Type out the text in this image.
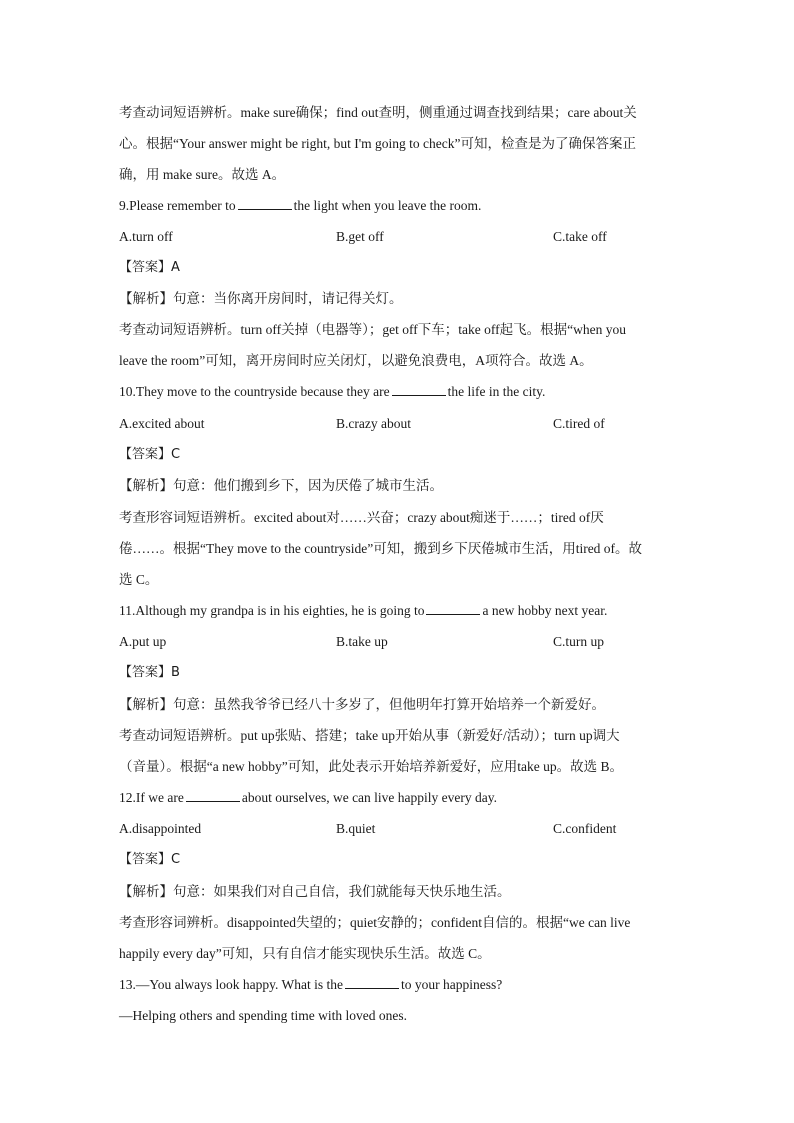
考查动词短语辨析。make sure确保；find out查明，侧重通过调查找到结果；care about关
心。根据“Your answer might be right, but I'm going to check”可知，检查是为了确保答案正
确，用 make sure。故选 A。
9.Please remember to	the light when you leave the room.
A.turn off	B.get off	C.take off
【答案】A
【解析】句意：当你离开房间时，请记得关灯。
考查动词短语辨析。turn off关掉（电器等）；get off下车；take off起飞。根据“when you
leave the room”可知，离开房间时应关闭灯，以避免浪费电，A项符合。故选 A。
10.They move to the countryside because they are	the life in the city.
A.excited about	B.crazy about	C.tired of
【答案】C
【解析】句意：他们搬到乡下，因为厌倦了城市生活。
考查形容词短语辨析。excited about对……兴奋；crazy about痴迷于……；tired of厌
倦……。根据“They move to the countryside”可知，搬到乡下厌倦城市生活，用tired of。故
选 C。
11.Although my grandpa is in his eighties, he is going to	a new hobby next year.
A.put up	B.take up	C.turn up
【答案】B
【解析】句意：虽然我爷爷已经八十多岁了，但他明年打算开始培养一个新爱好。
考查动词短语辨析。put up张贴、搭建；take up开始从事（新爱好/活动）；turn up调大
（音量）。根据“a new hobby”可知，此处表示开始培养新爱好，应用take up。故选 B。
12.If we are	about ourselves, we can live happily every day.
A.disappointed	B.quiet	C.confident
【答案】C
【解析】句意：如果我们对自己自信，我们就能每天快乐地生活。
考查形容词辨析。disappointed失望的；quiet安静的；confident自信的。根据“we can live
happily every day”可知，只有自信才能实现快乐生活。故选 C。
13.—You always look happy. What is the	to your happiness?
—Helping others and spending time with loved ones.
